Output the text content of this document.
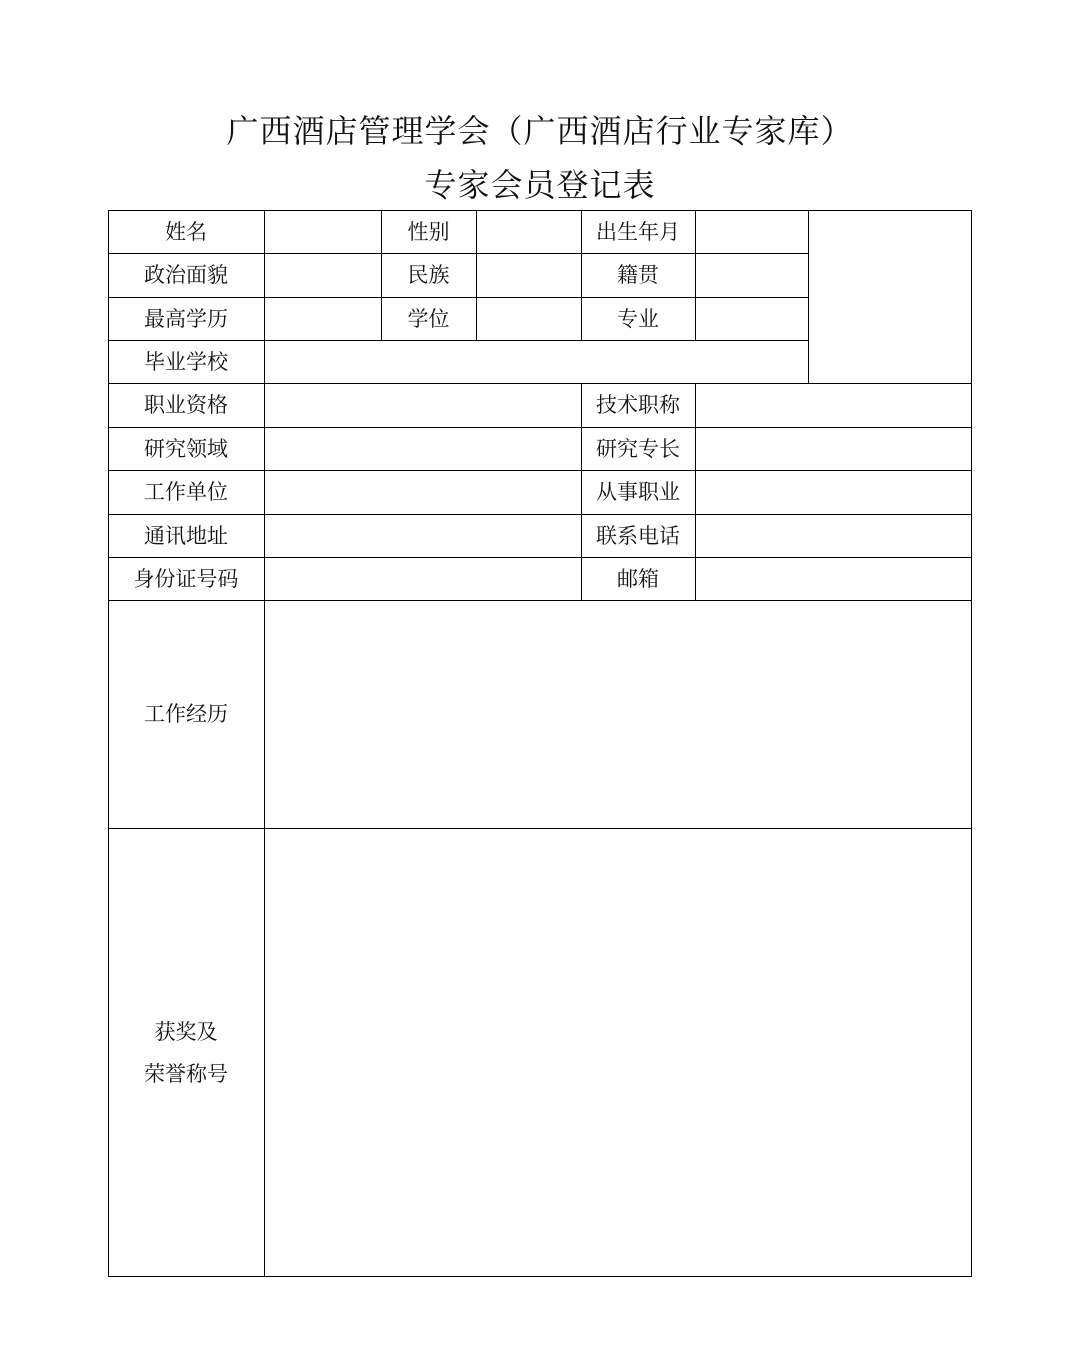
广西酒店管理学会（广西酒店行业专家库）
专家会员登记表
姓名	性别	出生年月
政治面貌	民族	籍贯
最高学历	学位	专业
毕业学校
职业资格	技术职称
研究领域	研究专长
工作单位	从事职业
通讯地址	联系电话
身份证号码	邮箱
工作经历
获奖及
荣誉称号
